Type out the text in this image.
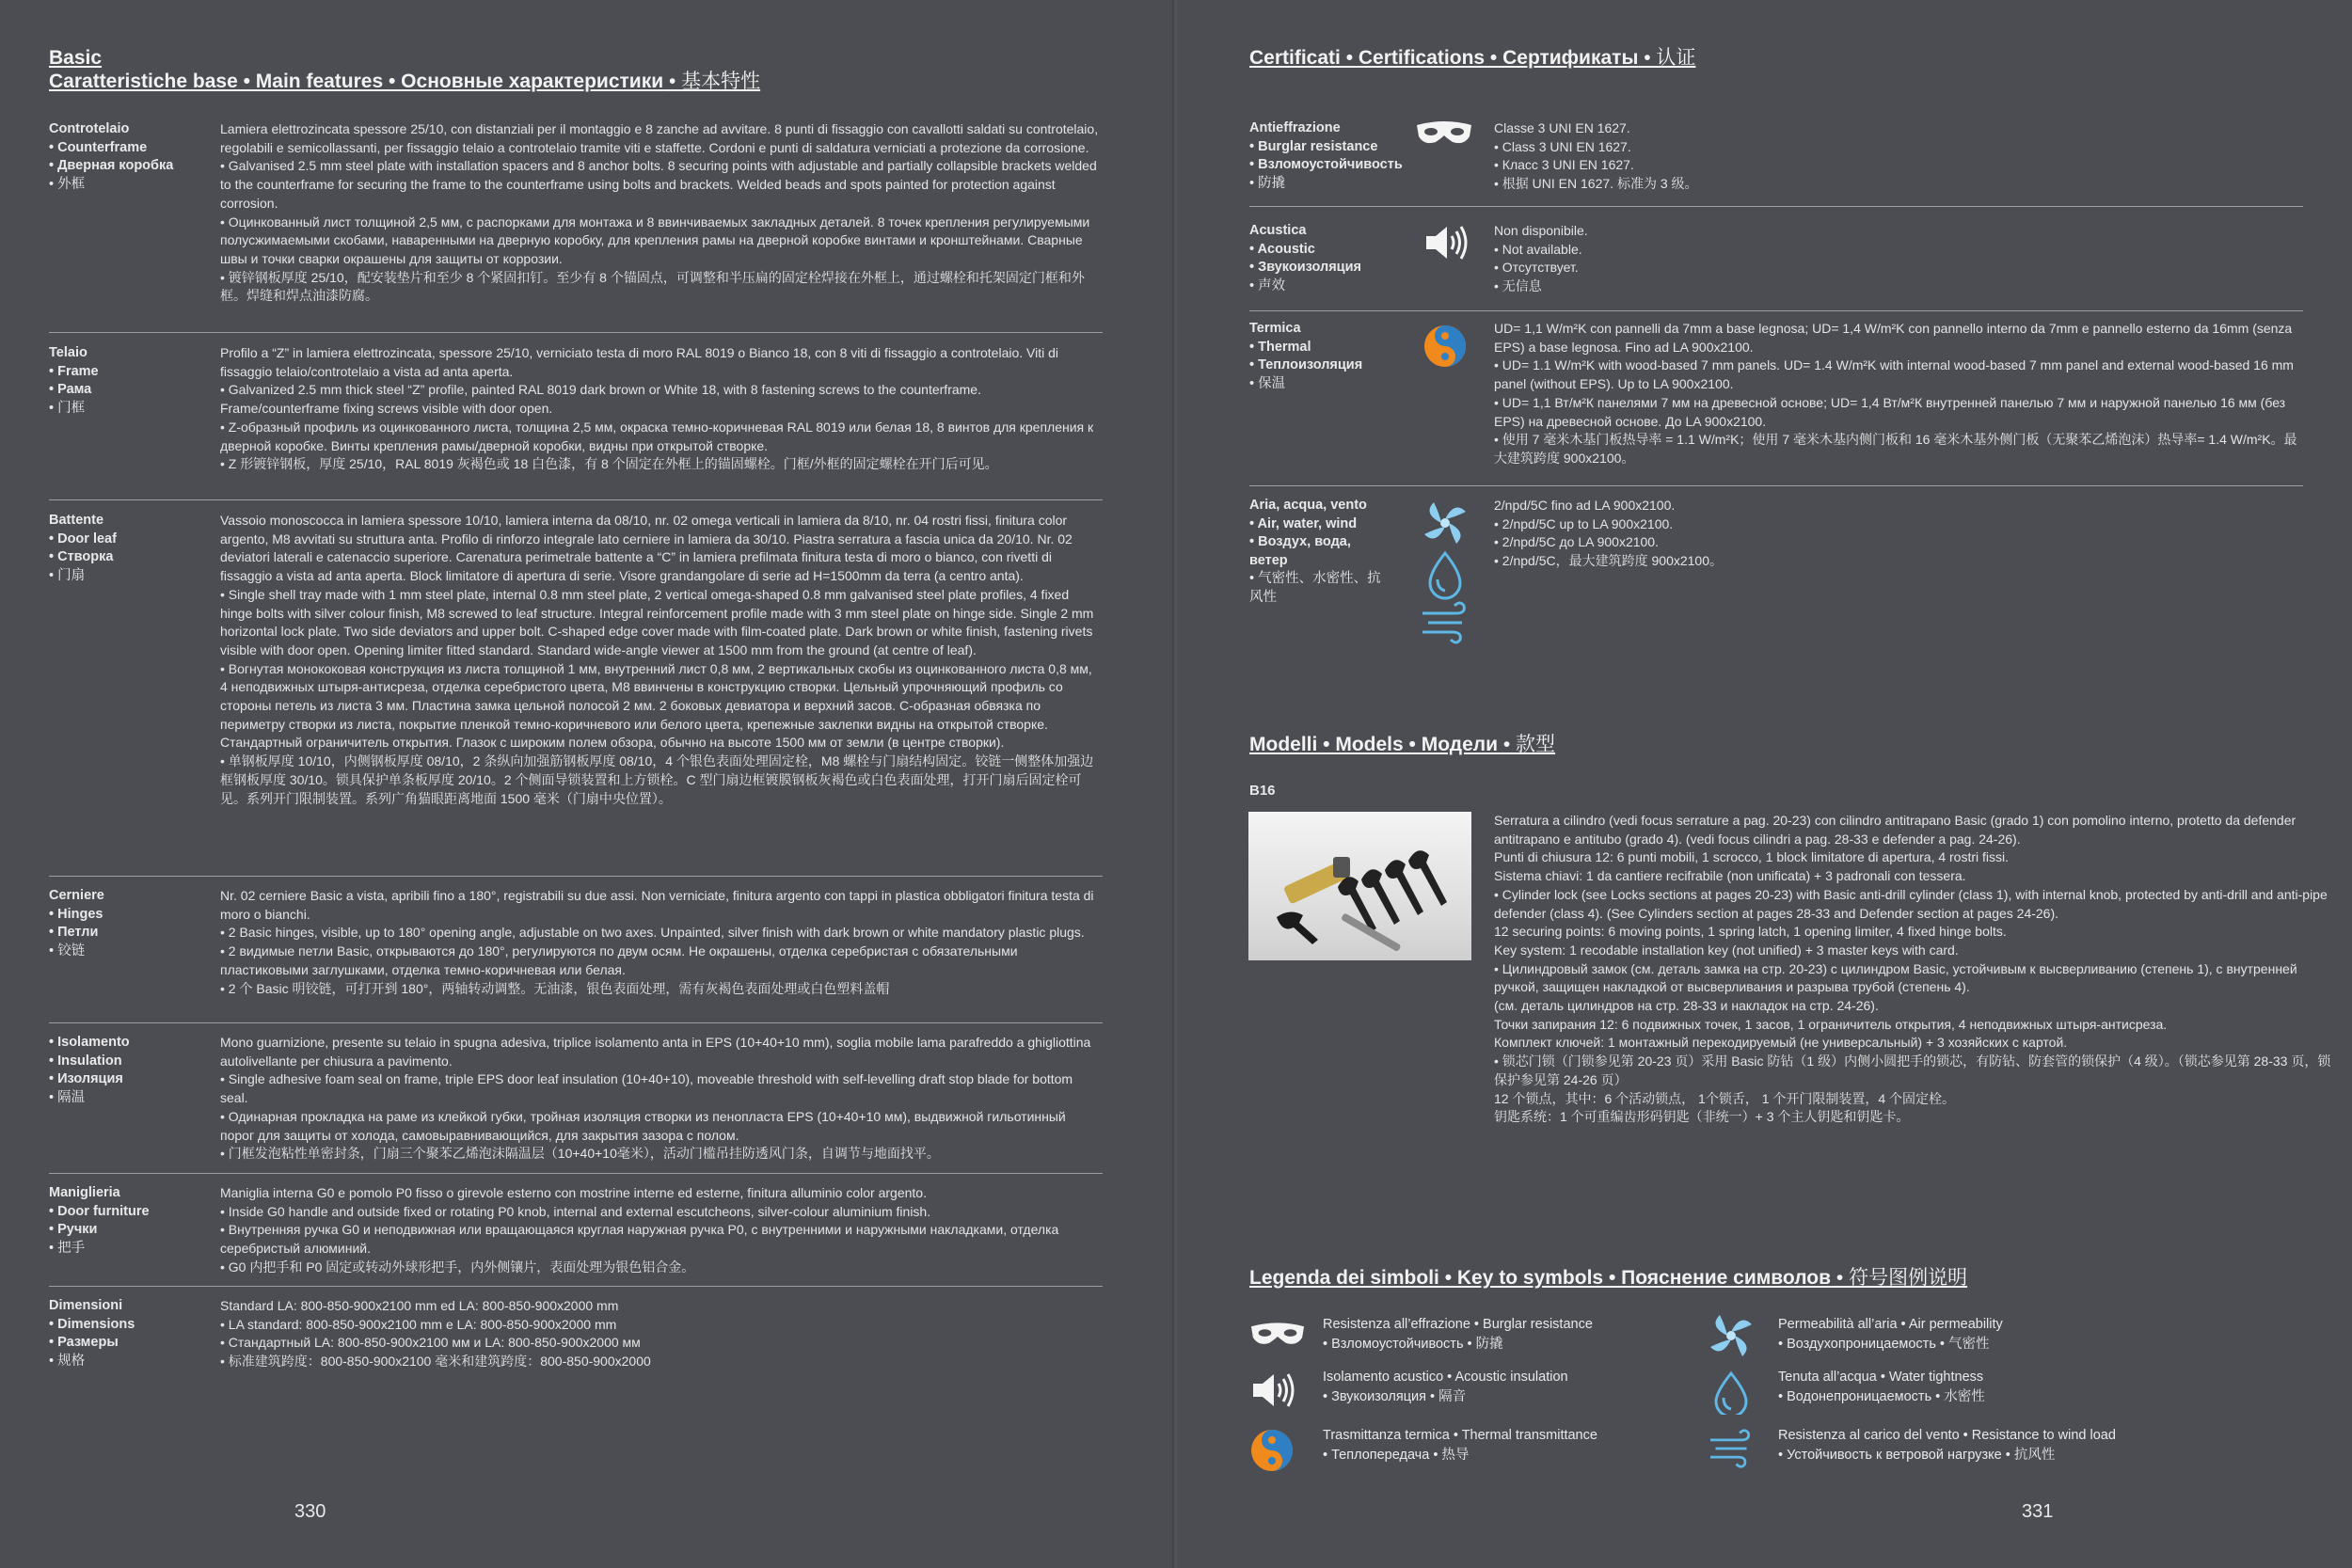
Basic
Caratteristiche base • Main features • Основные характеристики • 基本特性
Controtelaio
• Counterframe
• Дверная коробка
• 外框

Lamiera elettrozincata spessore 25/10, con distanziali per il montaggio e 8 zanche ad avvitare. 8 punti di fissaggio con cavallotti saldati su controtelaio, regolabili e semicollassanti, per fissaggio telaio a controtelaio tramite viti e staffette. Cordoni e punti di saldatura verniciati a protezione da corrosione.

• Galvanised 2.5 mm steel plate with installation spacers and 8 anchor bolts. 8 securing points with adjustable and partially collapsible brackets welded to the counterframe for securing the frame to the counterframe using bolts and brackets. Welded beads and spots painted for protection against corrosion.

• Оцинкованный лист толщиной 2,5 мм, с распорками для монтажа и 8 ввинчиваемых закладных деталей. 8 точек крепления регулируемыми полусжимаемыми скобами, наваренными на дверную коробку, для крепления рамы на дверной коробке винтами и кронштейнами. Сварные швы и точки сварки окрашены для защиты от коррозии.

• 镀锌钢板厚度 25/10，配安装垫片和至少 8 个紧固扣钉。至少有 8 个锚固点，可调整和半压扁的固定栓焊接在外框上，通过螺栓和托架固定门框和外框。焊缝和焊点油漆防腐。

Telaio
• Frame
• Рама
• 门框

Profilo a “Z” in lamiera elettrozincata, spessore 25/10, verniciato testa di moro RAL 8019 o Bianco 18, con 8 viti di fissaggio a controtelaio. Viti di fissaggio telaio/controtelaio a vista ad anta aperta.

• Galvanized 2.5 mm thick steel “Z” profile, painted RAL 8019 dark brown or White 18, with 8 fastening screws to the counterframe. Frame/counterframe fixing screws visible with door open.

• Z-образный профиль из оцинкованного листа, толщина 2,5 мм, окраска темно-коричневая RAL 8019 или белая 18, 8 винтов для крепления к дверной коробке. Винты крепления рамы/дверной коробки, видны при открытой створке.

• Z 形镀锌钢板，厚度 25/10，RAL 8019 灰褐色或 18 白色漆，有 8 个固定在外框上的锚固螺栓。门框/外框的固定螺栓在开门后可见。

Battente
• Door leaf
• Створка
• 门扇

Vassoio monoscocca in lamiera spessore 10/10, lamiera interna da 08/10, nr. 02 omega verticali in lamiera da 8/10, nr. 04 rostri fissi, finitura color argento, M8 avvitati su struttura anta. Profilo di rinforzo integrale lato cerniere in lamiera da 30/10. Piastra serratura a fascia unica da 20/10. Nr. 02 deviatori laterali e catenaccio superiore. Carenatura perimetrale battente a “C” in lamiera prefilmata finitura testa di moro o bianco, con rivetti di fissaggio a vista ad anta aperta. Block limitatore di apertura di serie. Visore grandangolare di serie ad H=1500mm da terra (a centro anta).

• Single shell tray made with 1 mm steel plate, internal 0.8 mm steel plate, 2 vertical omega-shaped 0.8 mm galvanised steel plate profiles, 4 fixed hinge bolts with silver colour finish, M8 screwed to leaf structure. Integral reinforcement profile made with 3 mm steel plate on hinge side. Single 2 mm horizontal lock plate. Two side deviators and upper bolt. C-shaped edge cover made with film-coated plate. Dark brown or white finish, fastening rivets visible with door open. Opening limiter fitted standard. Standard wide-angle viewer at 1500 mm from the ground (at centre of leaf).

• Вогнутая монококовая конструкция из листа толщиной 1 мм, внутренний лист 0,8 мм, 2 вертикальных скобы из оцинкованного листа 0,8 мм, 4 неподвижных штыря-антисреза, отделка серебристого цвета, M8 ввинчены в конструкцию створки. Цельный упрочняющий профиль со стороны петель из листа 3 мм. Пластина замка цельной полосой 2 мм. 2 боковых девиатора и верхний засов. С-образная обвязка по периметру створки из листа, покрытие пленкой темно-коричневого или белого цвета, крепежные заклепки видны на открытой створке. Стандартный ограничитель открытия. Глазок с широким полем обзора, обычно на высоте 1500 мм от земли (в центре створки).

• 单钢板厚度 10/10，内侧钢板厚度 08/10，2 条纵向加强筋钢板厚度 08/10，4 个银色表面处理固定栓，M8 螺栓与门扇结构固定。铰链一侧整体加强边框钢板厚度 30/10。锁具保护单条板厚度 20/10。2 个侧面导锁装置和上方锁栓。C 型门扇边框镀膜钢板灰褐色或白色表面处理，打开门扇后固定栓可见。系列开门限制装置。系列广角猫眼距离地面 1500 毫米（门扇中央位置）。

Cerniere
• Hinges
• Петли
• 铰链

Nr. 02 cerniere Basic a vista, apribili fino a 180°, registrabili su due assi. Non verniciate, finitura argento con tappi in plastica obbligatori finitura testa di moro o bianchi.

• 2 Basic hinges, visible, up to 180° opening angle, adjustable on two axes. Unpainted, silver finish with dark brown or white mandatory plastic plugs.

• 2 видимые петли Basic, открываются до 180°, регулируются по двум осям. Не окрашены, отделка серебристая с обязательными пластиковыми заглушками, отделка темно-коричневая или белая.

• 2 个 Basic 明铰链，可打开到 180°，两轴转动调整。无油漆，银色表面处理，需有灰褐色表面处理或白色塑料盖帽

• Isolamento
• Insulation
• Изоляция
• 隔温

Mono guarnizione, presente su telaio in spugna adesiva, triplice isolamento anta in EPS (10+40+10 mm), soglia mobile lama parafreddo a ghigliottina autolivellante per chiusura a pavimento.

• Single adhesive foam seal on frame, triple EPS door leaf insulation (10+40+10), moveable threshold with self-levelling draft stop blade for bottom seal.

• Одинарная прокладка на раме из клейкой губки, тройная изоляция створки из пенопласта EPS (10+40+10 мм), выдвижной гильотинный порог для защиты от холода, самовыравнивающийся, для закрытия зазора с полом.

• 门框发泡粘性单密封条，门扇三个聚苯乙烯泡沫隔温层（10+40+10毫米），活动门槛吊挂防透风门条，自调节与地面找平。

Maniglieria
• Door furniture
• Ручки
• 把手

Maniglia interna G0 e pomolo P0 fisso o girevole esterno con mostrine interne ed esterne, finitura alluminio color argento.

• Inside G0 handle and outside fixed or rotating P0 knob, internal and external escutcheons, silver-colour aluminium finish.

• Внутренняя ручка G0 и неподвижная или вращающаяся круглая наружная ручка P0, с внутренними и наружными накладками, отделка серебристый алюминий.

• G0 内把手和 P0 固定或转动外球形把手，内外侧镶片，表面处理为银色铝合金。

Dimensioni
• Dimensions
• Размеры
• 规格

Standard LA: 800-850-900x2100 mm ed LA: 800-850-900x2000 mm

• LA standard: 800-850-900x2100 mm e LA: 800-850-900x2000 mm

• Стандартный LA: 800-850-900x2100 мм и LA: 800-850-900x2000 мм

• 标准建筑跨度：800-850-900x2100 毫米和建筑跨度：800-850-900x2000

330
Certificati • Certifications • Сертификаты • 认证
Antieffrazione
• Burglar resistance
• Взломоустойчивость
• 防撬

Classe 3 UNI EN 1627.

• Class 3 UNI EN 1627.

• Класс 3 UNI EN 1627.

• 根据 UNI EN 1627. 标准为 3 级。

Acustica
• Acoustic
• Звукоизоляция
• 声效

Non disponibile.

• Not available.

• Отсутствует.

• 无信息

Termica
• Thermal
• Теплоизоляция
• 保温

UD= 1,1 W/m²K con pannelli da 7mm a base legnosa; UD= 1,4 W/m²K con pannello interno da 7mm e pannello esterno da 16mm (senza EPS) a base legnosa. Fino ad LA 900x2100.

• UD= 1.1 W/m²K with wood-based 7 mm panels. UD= 1.4 W/m²K with internal wood-based 7 mm panel and external wood-based 16 mm panel (without EPS). Up to LA 900x2100.

• UD= 1,1 Вт/м²К панелями 7 мм на древесной основе; UD= 1,4 Вт/м²К внутренней панелью 7 мм и наружной панелью 16 мм (без EPS) на древесной основе. До LA 900x2100.

• 使用 7 毫米木基门板热导率 = 1.1 W/m²K；使用 7 毫米木基内侧门板和 16 毫米木基外侧门板（无聚苯乙烯泡沫）热导率= 1.4 W/m²K。最大建筑跨度 900x2100。

Aria, acqua, vento
• Air, water, wind
• Воздух, вода, ветер
• 气密性、水密性、抗风性

2/npd/5C fino ad LA 900x2100.

• 2/npd/5C up to LA 900x2100.

• 2/npd/5C до LA 900x2100.

• 2/npd/5C，最大建筑跨度 900x2100。

Modelli • Models • Модели • 款型
B16

Serratura a cilindro (vedi focus serrature a pag. 20-23) con cilindro antitrapano Basic (grado 1) con pomolino interno, protetto da defender antitrapano e antitubo (grado 4). (vedi focus cilindri a pag. 28-33 e defender a pag. 24-26).

Punti di chiusura 12: 6 punti mobili, 1 scrocco, 1 block limitatore di apertura, 4 rostri fissi.

Sistema chiavi: 1 da cantiere recifrabile (non unificata) + 3 padronali con tessera.

• Cylinder lock (see Locks sections at pages 20-23) with Basic anti-drill cylinder (class 1), with internal knob, protected by anti-drill and anti-pipe defender (class 4). (See Cylinders section at pages 28-33 and Defender section at pages 24-26).

12 securing points: 6 moving points, 1 spring latch, 1 opening limiter, 4 fixed hinge bolts.

Key system: 1 recodable installation key (not unified) + 3 master keys with card.

• Цилиндровый замок (см. деталь замка на стр. 20-23) с цилиндром Basic, устойчивым к высверливанию (степень 1), с внутренней ручкой, защищен накладкой от высверливания и разрыва трубой (степень 4).

(см. деталь цилиндров на стр. 28-33 и накладок на стр. 24-26).

Точки запирания 12: 6 подвижных точек, 1 засов, 1 ограничитель открытия, 4 неподвижных штыря-антисреза.

Комплект ключей: 1 монтажный перекодируемый (не универсальный) + 3 хозяйских с картой.

• 锁芯门锁（门锁参见第 20-23 页）采用 Basic 防钻（1 级）内侧小圆把手的锁芯，有防钻、防套管的锁保护（4 级）。（锁芯参见第 28-33 页，锁保护参见第 24-26 页）

12 个锁点，其中：6 个活动锁点， 1个锁舌， 1 个开门限制装置，4 个固定栓。

钥匙系统：1 个可重编齿形码钥匙（非统一）+ 3 个主人钥匙和钥匙卡。

Legenda dei simboli • Key to symbols • Пояснение символов • 符号图例说明
Resistenza all’effrazione • Burglar resistance
• Взломоустойчивость • 防撬
Permeabilità all’aria • Air permeability
• Воздухопроницаемость • 气密性
Isolamento acustico • Acoustic insulation
• Звукоизоляция • 隔音
Tenuta all’acqua • Water tightness
• Водонепроницаемость • 水密性
Trasmittanza termica • Thermal transmittance
• Теплопередача • 热导
Resistenza al carico del vento • Resistance to wind load
• Устойчивость к ветровой нагрузке • 抗风性
331
